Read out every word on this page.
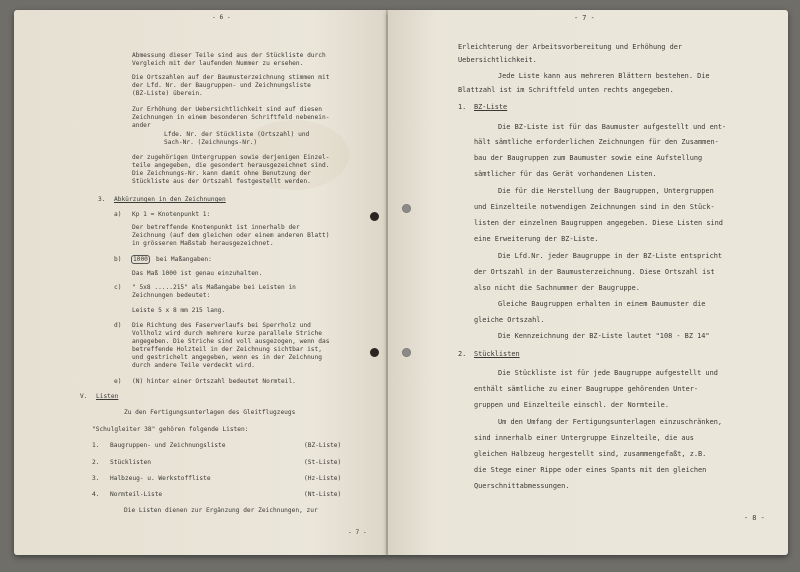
- 6 -
Abmessung dieser Teile sind aus der Stückliste durch
Vergleich mit der laufenden Nummer zu ersehen.
Die Ortszahlen auf der Baumusterzeichnung stimmen mit
der Lfd. Nr. der Baugruppen- und Zeichnungsliste
(BZ-Liste) überein.
Zur Erhöhung der Uebersichtlichkeit sind auf diesen
Zeichnungen in einem besonderen Schriftfeld nebenein-
ander
Lfde. Nr. der Stückliste (Ortszahl) und
Sach-Nr. (Zeichnungs-Nr.)
der zugehörigen Untergruppen sowie derjenigen Einzel-
teile angegeben, die gesondert herausgezeichnet sind.
Die Zeichnungs-Nr. kann damit ohne Benutzung der
Stückliste aus der Ortszahl festgestellt werden.
3. Abkürzungen in den Zeichnungen
a) Kp 1 = Knotenpunkt 1:
Der betreffende Knotenpunkt ist innerhalb der
Zeichnung (auf dem gleichen oder einem anderen Blatt)
in grösseren Maßstab herausgezeichnet.
b)	1000	bei Maßangaben:
Das Maß 1000 ist genau einzuhalten.
c) " 5x8 .....215" als Maßangabe bei Leisten in
Zeichnungen bedeutet:
Leiste 5 x 8 mm 215 lang.
d) Die Richtung des Faserverlaufs bei Sperrholz und
Vollholz wird durch mehrere kurze parallele Striche
angegeben. Die Striche sind voll ausgezogen, wenn das
betreffende Holzteil in der Zeichnung sichtbar ist,
und gestrichelt angegeben, wenn es in der Zeichnung
durch andere Teile verdeckt wird.
e) (N) hinter einer Ortszahl bedeutet Normteil.
V. Listen
Zu den Fertigungsunterlagen des Gleitflugzeugs
"Schulgleiter 38" gehören folgende Listen:
1. Baugruppen- und Zeichnungsliste	(BZ-Liste)
2. Stücklisten	(St-Liste)
3. Halbzeug- u. Werkstoffliste	(Hz-Liste)
4. Normteil-Liste	(Nt-Liste)
Die Listen dienen zur Ergänzung der Zeichnungen, zur
- 7 -
- 7 -
Erleichterung der Arbeitsvorbereitung und Erhöhung der
Uebersichtlichkeit.
Jede Liste kann aus mehreren Blättern bestehen. Die
Blattzahl ist im Schriftfeld unten rechts angegeben.
1. BZ-Liste
Die BZ-Liste ist für das Baumuster aufgestellt und ent-
hält sämtliche erforderlichen Zeichnungen für den Zusammen-
bau der Baugruppen zum Baumuster sowie eine Aufstellung
sämtlicher für das Gerät vorhandenen Listen.
Die für die Herstellung der Baugruppen, Untergruppen
und Einzelteile notwendigen Zeichnungen sind in den Stück-
listen der einzelnen Baugruppen angegeben. Diese Listen sind
eine Erweiterung der BZ-Liste.
Die Lfd.Nr. jeder Baugruppe in der BZ-Liste entspricht
der Ortszahl in der Baumusterzeichnung. Diese Ortszahl ist
also nicht die Sachnummer der Baugruppe.
Gleiche Baugruppen erhalten in einem Baumuster die
gleiche Ortszahl.
Die Kennzeichnung der BZ-Liste lautet "108 - BZ 14"
2. Stücklisten
Die Stückliste ist für jede Baugruppe aufgestellt und
enthält sämtliche zu einer Baugruppe gehörenden Unter-
gruppen und Einzelteile einschl. der Normteile.
Um den Umfang der Fertigungsunterlagen einzuschränken,
sind innerhalb einer Untergruppe Einzelteile, die aus
gleichen Halbzeug hergestellt sind, zusammengefaßt, z.B.
die Stege einer Rippe oder eines Spants mit den gleichen
Querschnittabmessungen.
- 8 -
